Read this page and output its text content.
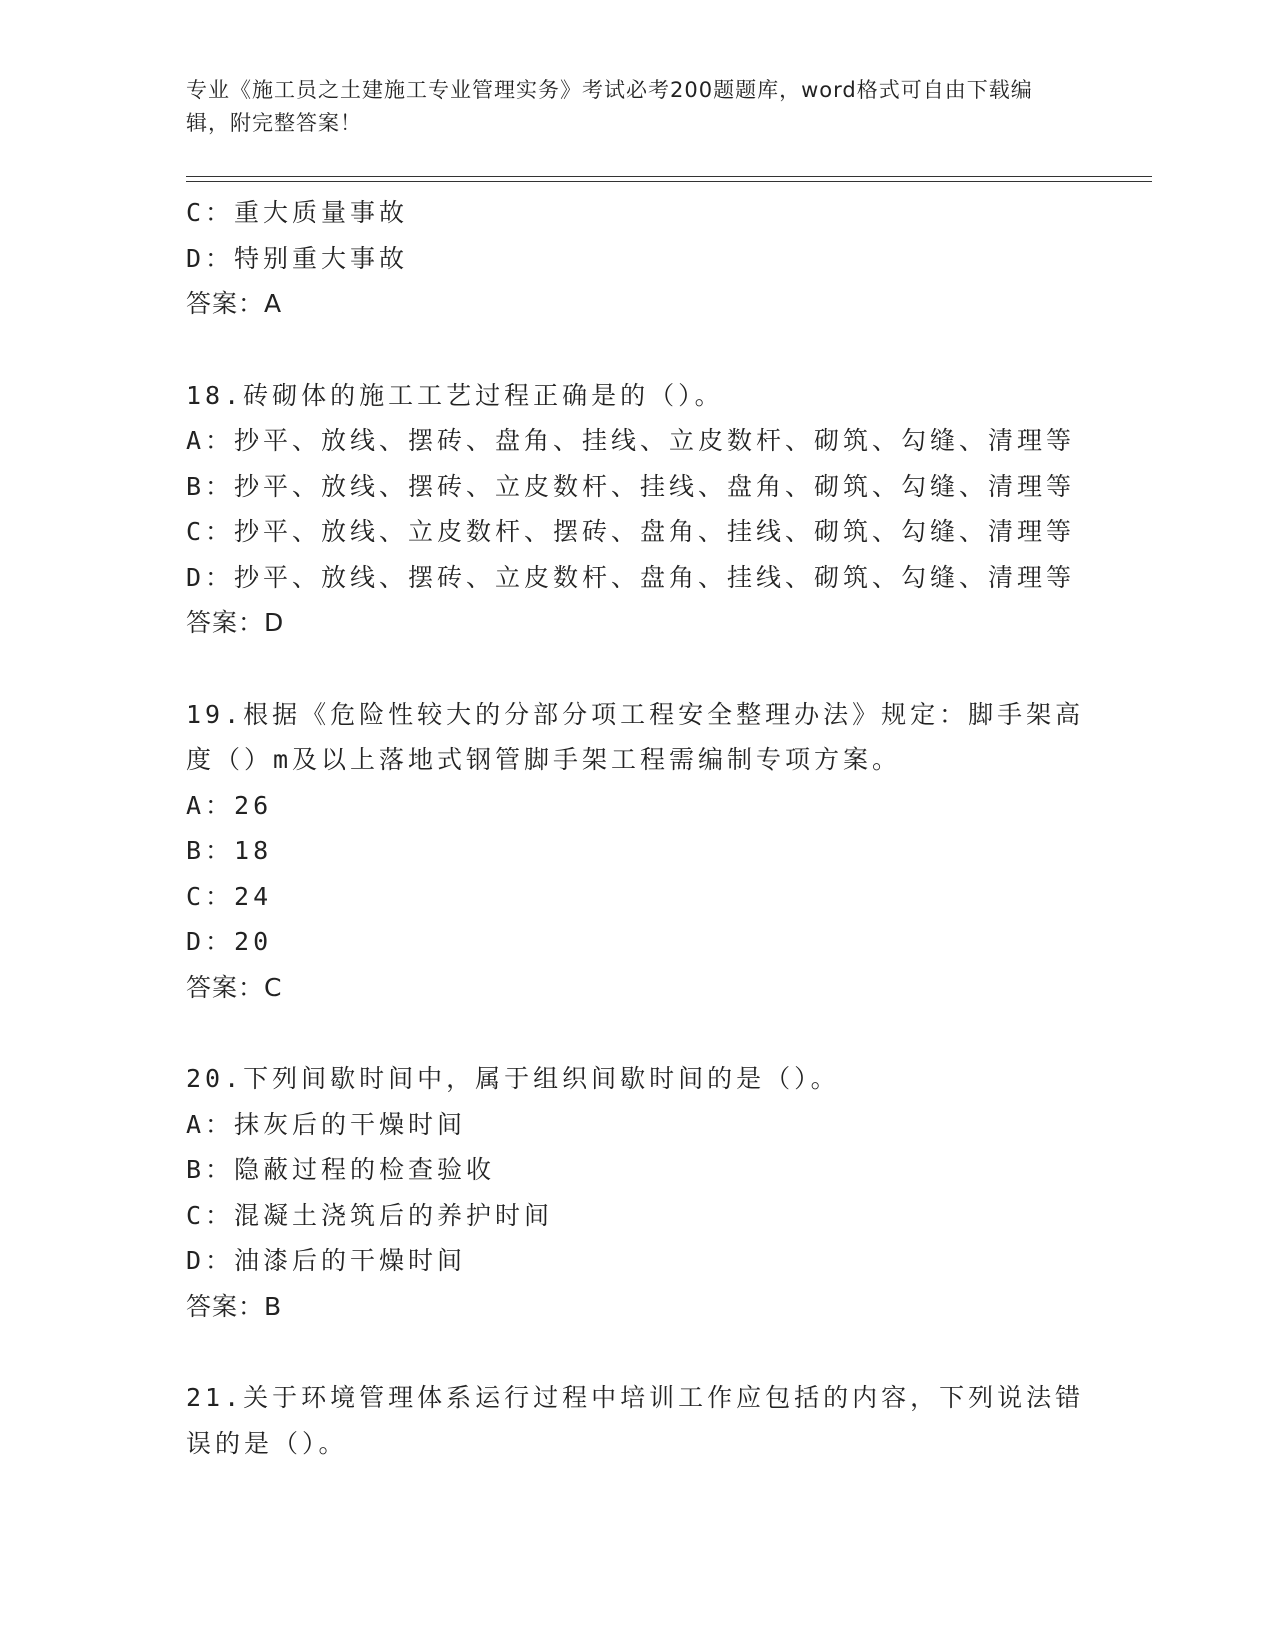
专业《施工员之土建施工专业管理实务》考试必考200题题库，word格式可自由下载编辑，附完整答案！
C：重大质量事故
D：特别重大事故
答案：A
18.砖砌体的施工工艺过程正确是的（）。
A：抄平、放线、摆砖、盘角、挂线、立皮数杆、砌筑、勾缝、清理等
B：抄平、放线、摆砖、立皮数杆、挂线、盘角、砌筑、勾缝、清理等
C：抄平、放线、立皮数杆、摆砖、盘角、挂线、砌筑、勾缝、清理等
D：抄平、放线、摆砖、立皮数杆、盘角、挂线、砌筑、勾缝、清理等
答案：D
19.根据《危险性较大的分部分项工程安全整理办法》规定：脚手架高
度（）m及以上落地式钢管脚手架工程需编制专项方案。
A：26
B：18
C：24
D：20
答案：C
20.下列间歇时间中，属于组织间歇时间的是（）。
A：抹灰后的干燥时间
B：隐蔽过程的检查验收
C：混凝土浇筑后的养护时间
D：油漆后的干燥时间
答案：B
21.关于环境管理体系运行过程中培训工作应包括的内容，下列说法错
误的是（）。
